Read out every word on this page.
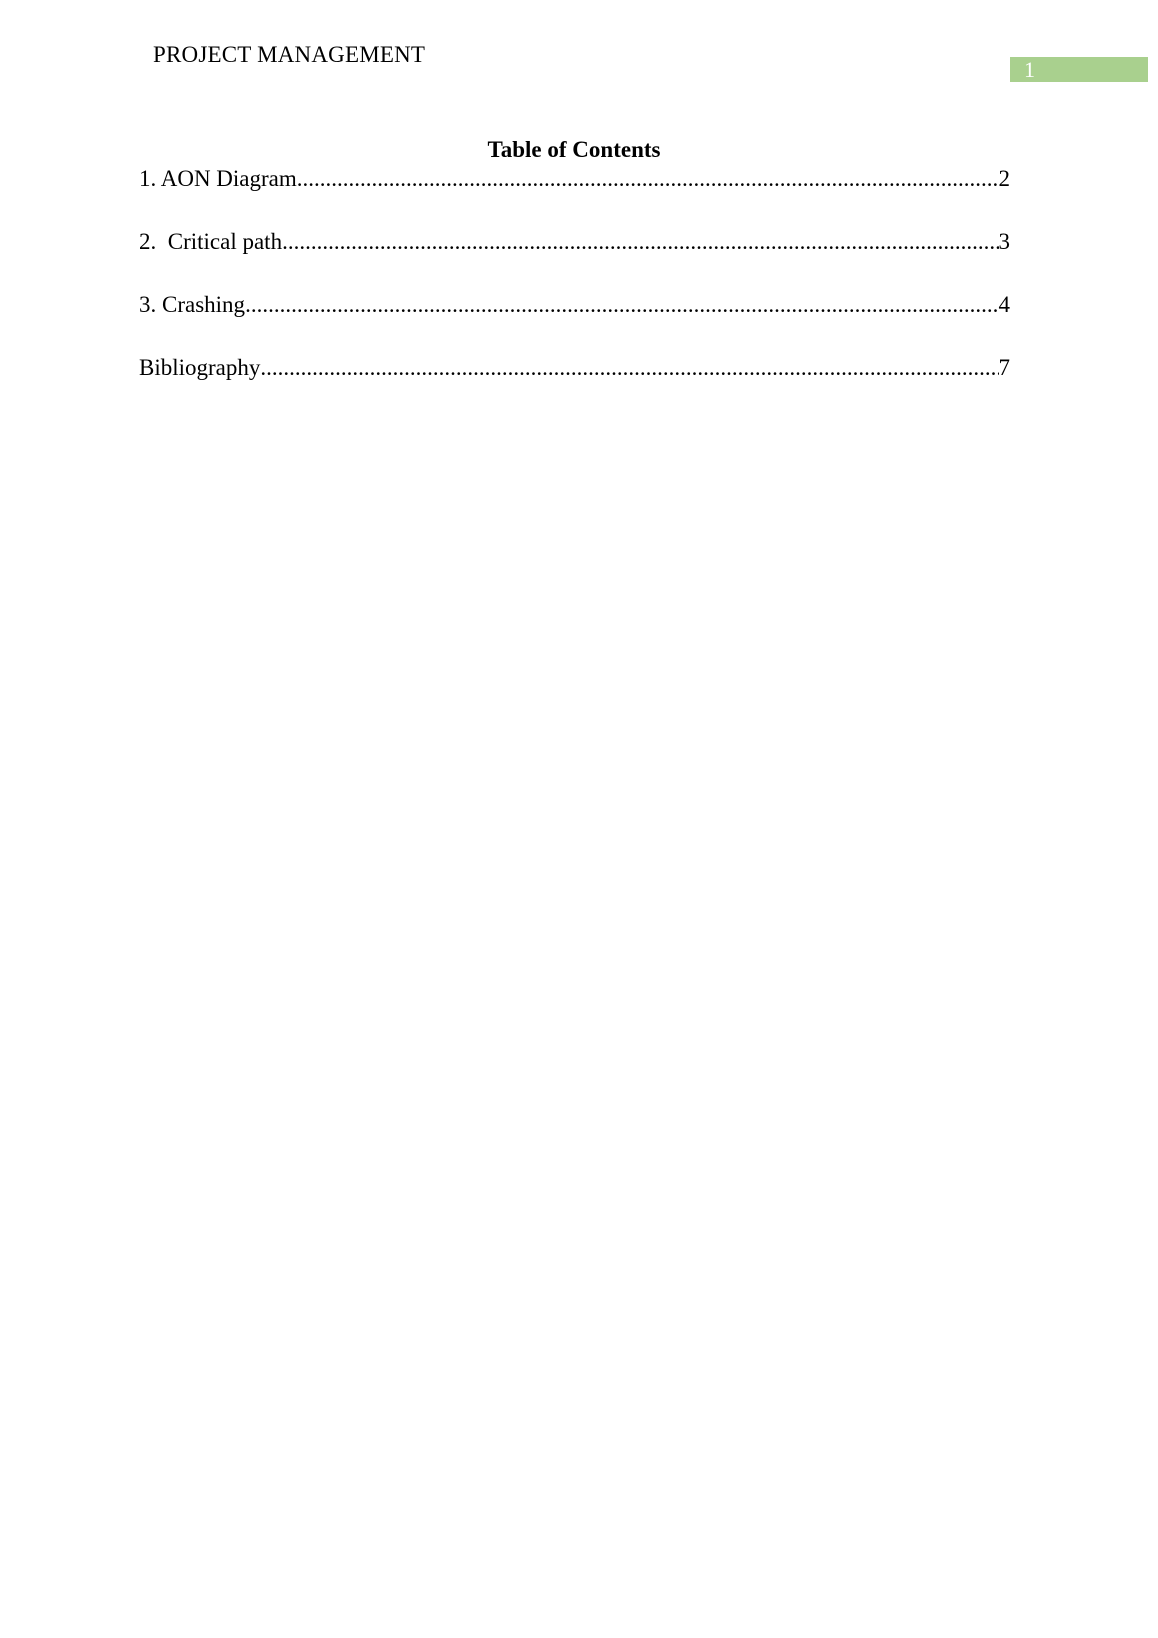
PROJECT MANAGEMENT
1
Table of Contents
1. AON Diagram .....	2
2.  Critical path .....	3
3. Crashing .....	4
Bibliography .....	7
